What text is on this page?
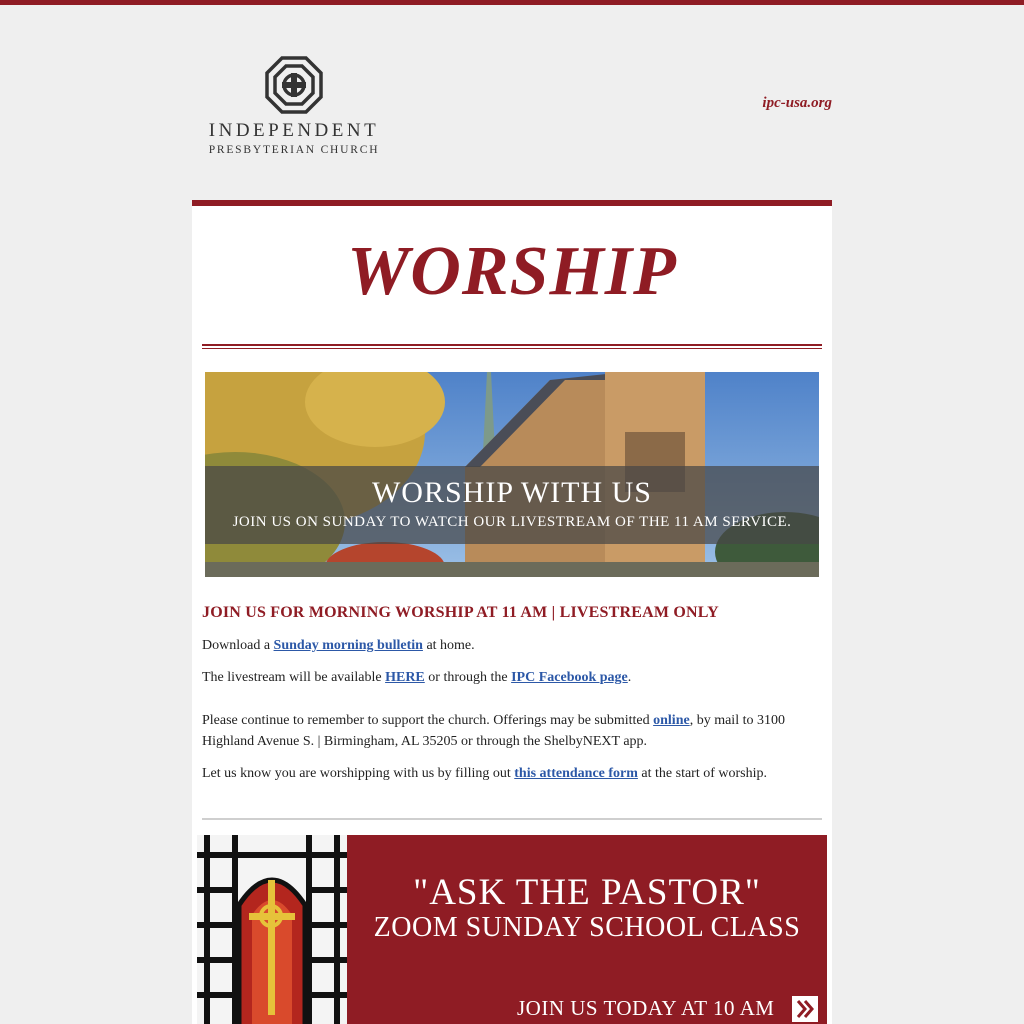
INDEPENDENT
PRESBYTERIAN CHURCH
ipc-usa.org
WORSHIP
WORSHIP WITH US
JOIN US ON SUNDAY TO WATCH OUR LIVESTREAM OF THE 11 AM SERVICE.
JOIN US FOR MORNING WORSHIP AT 11 AM | LIVESTREAM ONLY

Download a Sunday morning bulletin at home.

The livestream will be available HERE or through the IPC Facebook page.

Please continue to remember to support the church. Offerings may be submitted online, by mail to 3100 Highland Avenue S. | Birmingham, AL 35205 or through the ShelbyNEXT app.

Let us know you are worshipping with us by filling out this attendance form at the start of worship.

"ASK THE PASTOR"
ZOOM SUNDAY SCHOOL CLASS
JOIN US TODAY AT 10 AM
